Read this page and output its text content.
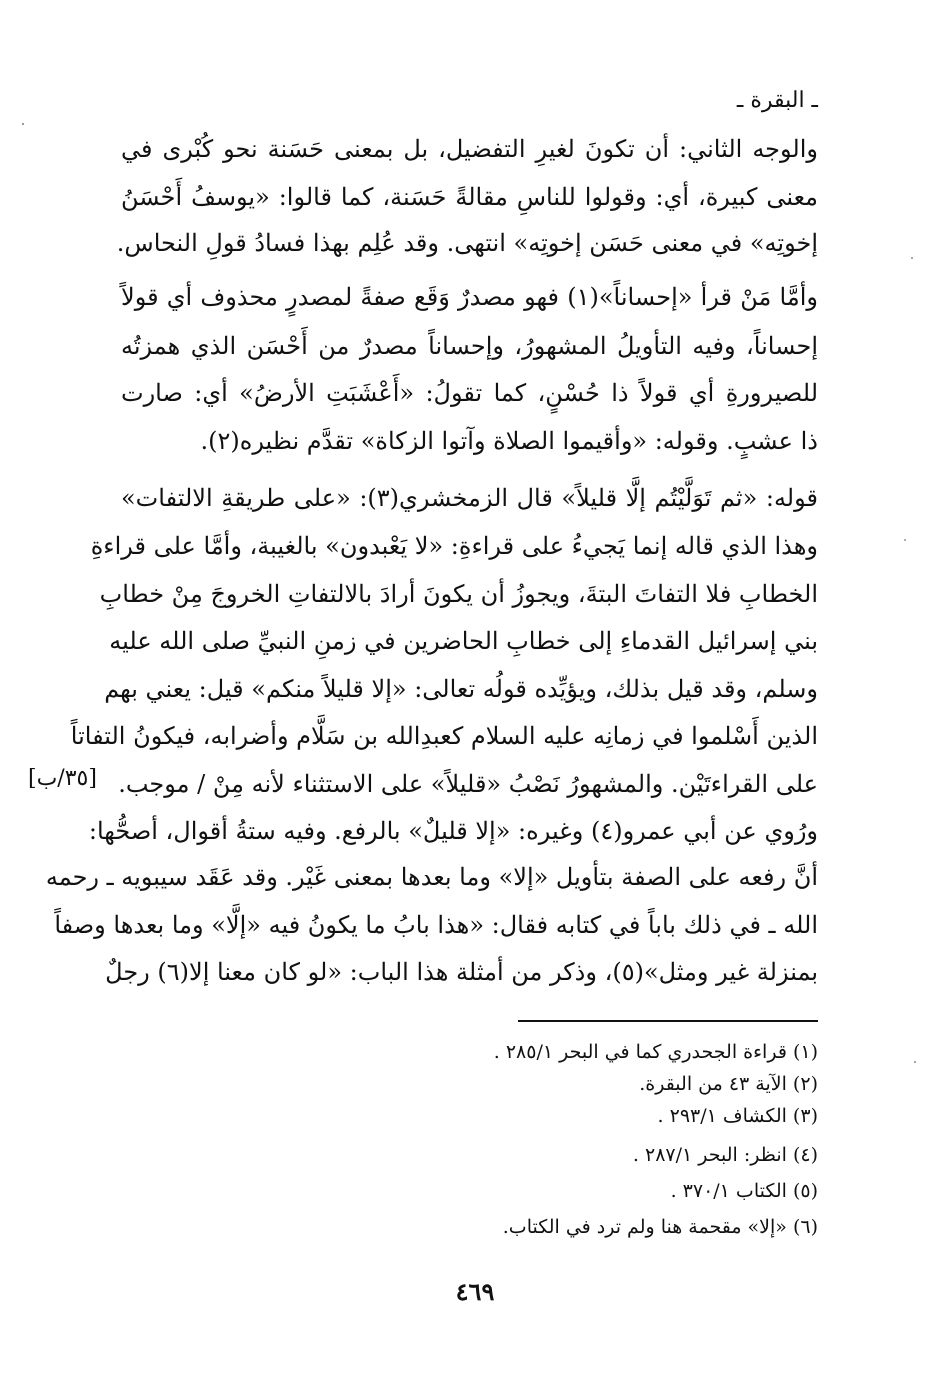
ـ البقرة ـ
والوجه الثاني: أن تكونَ لغيرِ التفضيل، بل بمعنى حَسَنة نحو كُبْرى في
معنى كبيرة، أي: وقولوا للناسِ مقالةً حَسَنة، كما قالوا: «يوسفُ أَحْسَنُ
إخوتِه» في معنى حَسَن إخوتِه» انتهى. وقد عُلِم بهذا فسادُ قولِ النحاس.
وأمَّا مَنْ قرأ «إحساناً»(١) فهو مصدرٌ وَقَع صفةً لمصدرٍ محذوف أي قولاً
إحساناً، وفيه التأويلُ المشهورُ، وإحساناً مصدرٌ من أَحْسَن الذي همزتُه
للصيرورةِ أي قولاً ذا حُسْنٍ، كما تقولُ: «أَعْشَبَتِ الأرضُ» أي: صارت
ذا عشبٍ. وقوله: «وأقيموا الصلاة وآتوا الزكاة» تقدَّم نظيره(٢).
قوله: «ثم تَوَلَّيْتُم إلَّا قليلاً» قال الزمخشري(٣): «على طريقةِ الالتفات»
وهذا الذي قاله إنما يَجيءُ على قراءةِ: «لا يَعْبدون» بالغيبة، وأمَّا على قراءةِ
الخطابِ فلا التفاتَ البتةَ، ويجوزُ أن يكونَ أرادَ بالالتفاتِ الخروجَ مِنْ خطابِ
بني إسرائيل القدماءِ إلى خطابِ الحاضرين في زمنِ النبيِّ صلى الله عليه
وسلم، وقد قيل بذلك، ويؤيِّده قولُه تعالى: «إلا قليلاً منكم» قيل: يعني بهم
الذين أَسْلموا في زمانِه عليه السلام كعبدِالله بن سَلَّام وأضرابه، فيكونُ التفاتاً
على القراءتَيْن. والمشهورُ نَصْبُ «قليلاً» على الاستثناء لأنه مِنْ / موجب.
ورُوي عن أبي عمرو(٤) وغيره: «إلا قليلٌ» بالرفع. وفيه ستةُ أقوال، أصحُّها:
أنَّ رفعه على الصفة بتأويل «إلا» وما بعدها بمعنى غَيْر. وقد عَقَد سيبويه ـ رحمه
الله ـ في ذلك باباً في كتابه فقال: «هذا بابُ ما يكونُ فيه «إلَّا» وما بعدها وصفاً
بمنزلة غير ومثل»(٥)، وذكر من أمثلة هذا الباب: «لو كان معنا إلا(٦) رجلٌ
[٣٥/ب]
(١) قراءة الجحدري كما في البحر ٢٨٥/١ .
(٢) الآية ٤٣ من البقرة.
(٣) الكشاف ٢٩٣/١ .
(٤) انظر: البحر ٢٨٧/١ .
(٥) الكتاب ٣٧٠/١ .
(٦) «إلا» مقحمة هنا ولم ترد في الكتاب.
٤٦٩
